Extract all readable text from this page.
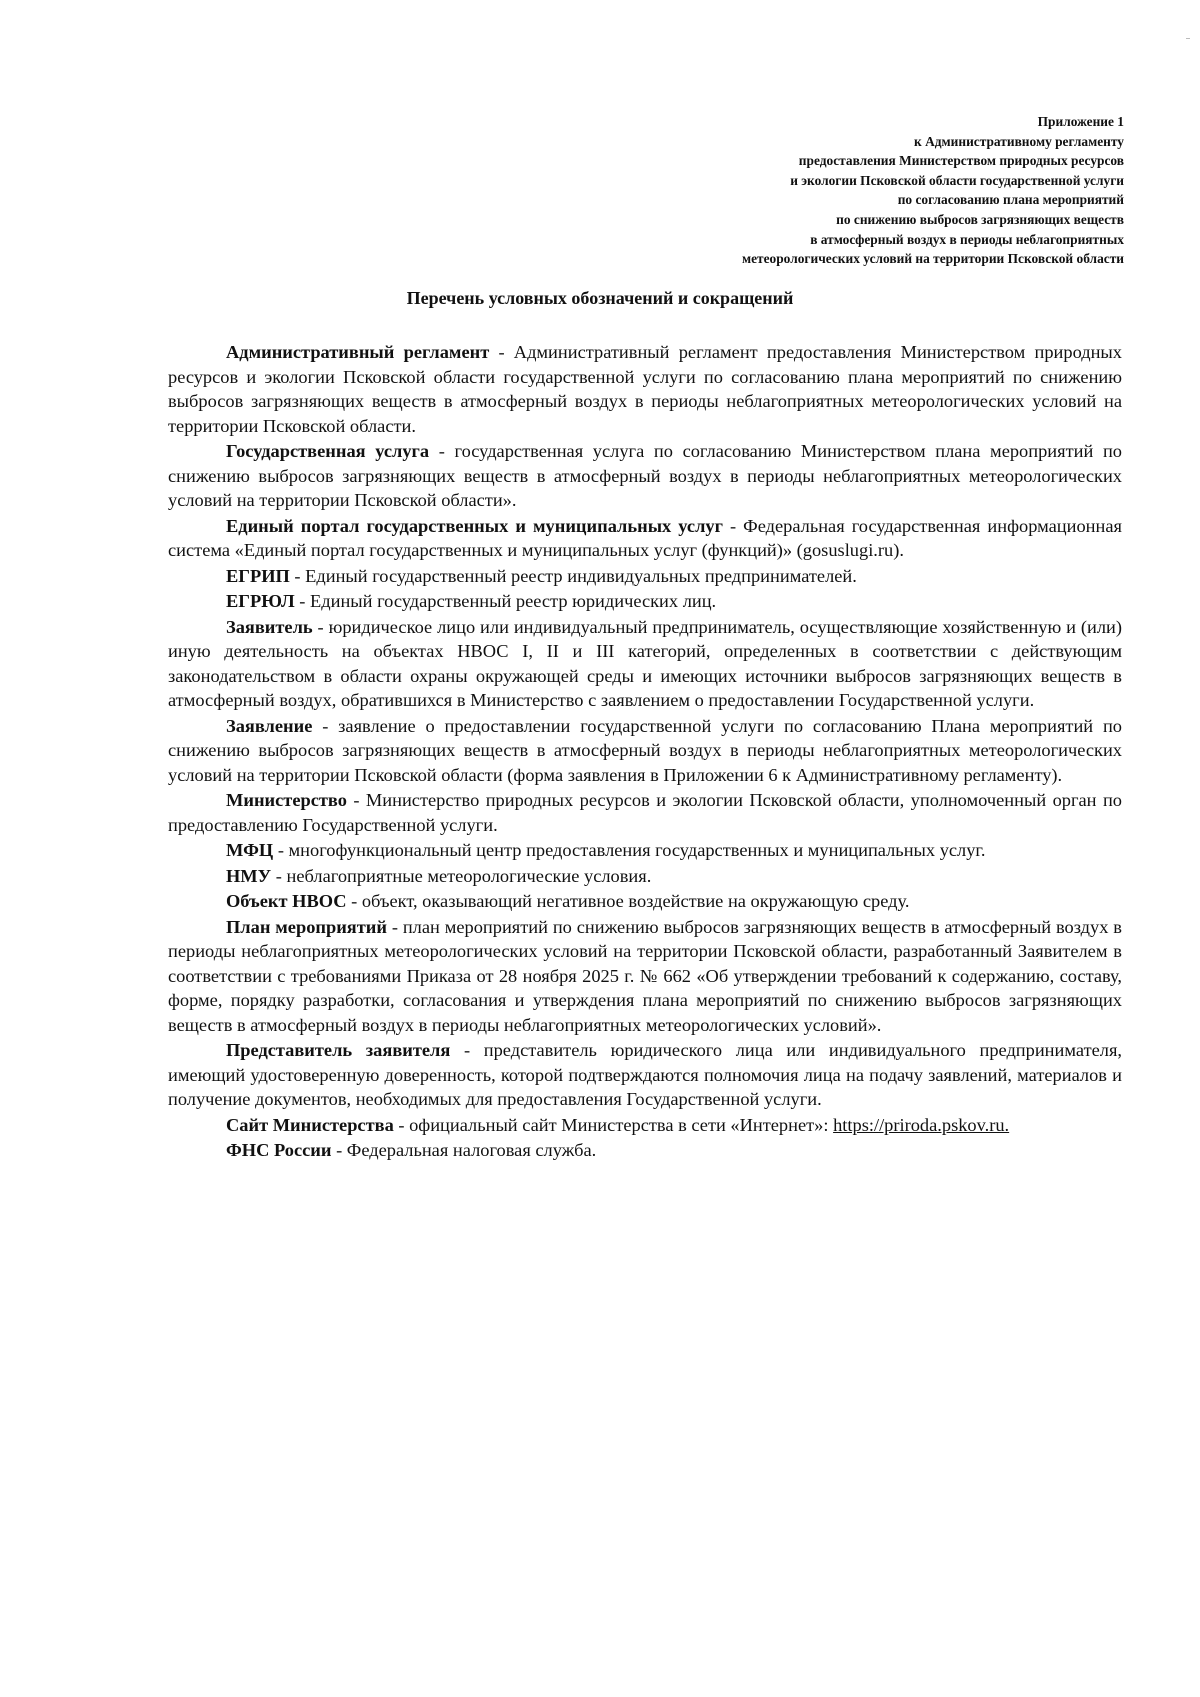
Приложение 1
к Административному регламенту
предоставления Министерством природных ресурсов
и экологии Псковской области государственной услуги
по согласованию плана мероприятий
по снижению выбросов загрязняющих веществ
в атмосферный воздух в периоды неблагоприятных
метеорологических условий на территории Псковской области
Перечень условных обозначений и сокращений

Административный регламент - Административный регламент предоставления Министерством природных ресурсов и экологии Псковской области государственной услуги по согласованию плана мероприятий по снижению выбросов загрязняющих веществ в атмосферный воздух в периоды неблагоприятных метеорологических условий на территории Псковской области.

Государственная услуга - государственная услуга по согласованию Министерством плана мероприятий по снижению выбросов загрязняющих веществ в атмосферный воздух в периоды неблагоприятных метеорологических условий на территории Псковской области».

Единый портал государственных и муниципальных услуг - Федеральная государственная информационная система «Единый портал государственных и муниципальных услуг (функций)» (gosuslugi.ru).

ЕГРИП - Единый государственный реестр индивидуальных предпринимателей.

ЕГРЮЛ - Единый государственный реестр юридических лиц.

Заявитель - юридическое лицо или индивидуальный предприниматель, осуществляющие хозяйственную и (или) иную деятельность на объектах НВОС I, II и III категорий, определенных в соответствии с действующим законодательством в области охраны окружающей среды и имеющих источники выбросов загрязняющих веществ в атмосферный воздух, обратившихся в Министерство с заявлением о предоставлении Государственной услуги.

Заявление - заявление о предоставлении государственной услуги по согласованию Плана мероприятий по снижению выбросов загрязняющих веществ в атмосферный воздух в периоды неблагоприятных метеорологических условий на территории Псковской области (форма заявления в Приложении 6 к Административному регламенту).

Министерство - Министерство природных ресурсов и экологии Псковской области, уполномоченный орган по предоставлению Государственной услуги.

МФЦ - многофункциональный центр предоставления государственных и муниципальных услуг.

НМУ - неблагоприятные метеорологические условия.

Объект НВОС - объект, оказывающий негативное воздействие на окружающую среду.

План мероприятий - план мероприятий по снижению выбросов загрязняющих веществ в атмосферный воздух в периоды неблагоприятных метеорологических условий на территории Псковской области, разработанный Заявителем в соответствии с требованиями Приказа от 28 ноября 2025 г. № 662 «Об утверждении требований к содержанию, составу, форме, порядку разработки, согласования и утверждения плана мероприятий по снижению выбросов загрязняющих веществ в атмосферный воздух в периоды неблагоприятных метеорологических условий».

Представитель заявителя - представитель юридического лица или индивидуального предпринимателя, имеющий удостоверенную доверенность, которой подтверждаются полномочия лица на подачу заявлений, материалов и получение документов, необходимых для предоставления Государственной услуги.

Сайт Министерства - официальный сайт Министерства в сети «Интернет»: https://priroda.pskov.ru.

ФНС России - Федеральная налоговая служба.
